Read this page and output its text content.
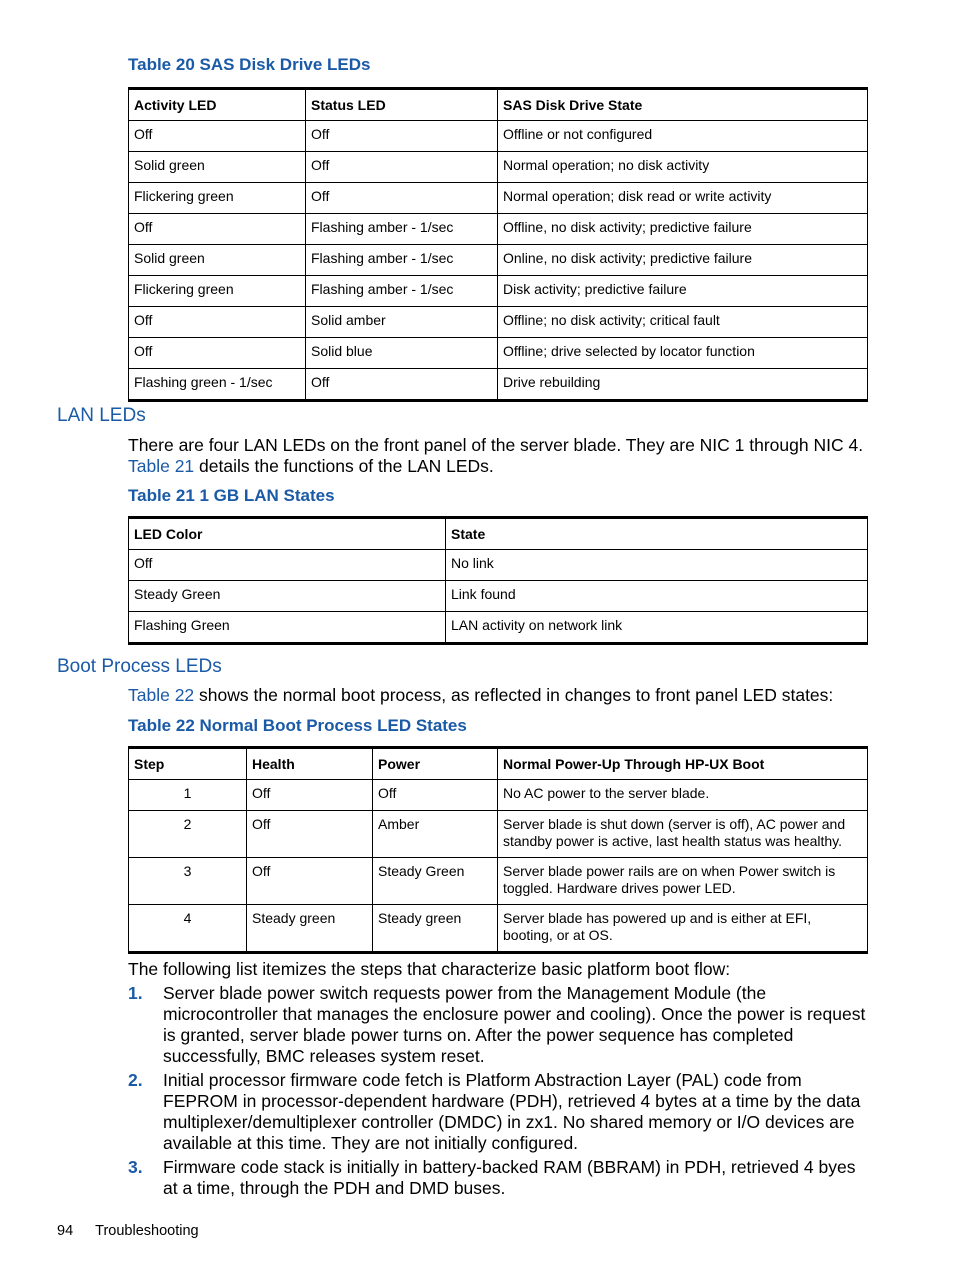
Table 20 SAS Disk Drive LEDs

Activity LED	Status LED	SAS Disk Drive State
Off	Off	Offline or not configured
Solid green	Off	Normal operation; no disk activity
Flickering green	Off	Normal operation; disk read or write activity
Off	Flashing amber - 1/sec	Offline, no disk activity; predictive failure
Solid green	Flashing amber - 1/sec	Online, no disk activity; predictive failure
Flickering green	Flashing amber - 1/sec	Disk activity; predictive failure
Off	Solid amber	Offline; no disk activity; critical fault
Off	Solid blue	Offline; drive selected by locator function
Flashing green - 1/sec	Off	Drive rebuilding
LAN LEDs

There are four LAN LEDs on the front panel of the server blade. They are NIC 1 through NIC 4.
Table 21 details the functions of the LAN LEDs.

Table 21 1 GB LAN States

LED Color	State
Off	No link
Steady Green	Link found
Flashing Green	LAN activity on network link
Boot Process LEDs

Table 22 shows the normal boot process, as reflected in changes to front panel LED states:

Table 22 Normal Boot Process LED States

Step	Health	Power	Normal Power-Up Through HP-UX Boot
1	Off	Off	No AC power to the server blade.
2	Off	Amber	Server blade is shut down (server is off), AC power and standby power is active, last health status was healthy.
3	Off	Steady Green	Server blade power rails are on when Power switch is toggled. Hardware drives power LED.
4	Steady green	Steady green	Server blade has powered up and is either at EFI, booting, or at OS.

The following list itemizes the steps that characterize basic platform boot flow:

1.	Server blade power switch requests power from the Management Module (the microcontroller that manages the enclosure power and cooling). Once the power is request is granted, server blade power turns on. After the power sequence has completed successfully, BMC releases system reset.
2.	Initial processor firmware code fetch is Platform Abstraction Layer (PAL) code from FEPROM in processor-dependent hardware (PDH), retrieved 4 bytes at a time by the data multiplexer/demultiplexer controller (DMDC) in zx1. No shared memory or I/O devices are available at this time. They are not initially configured.
3.	Firmware code stack is initially in battery-backed RAM (BBRAM) in PDH, retrieved 4 byes at a time, through the PDH and DMD buses.
94 Troubleshooting
